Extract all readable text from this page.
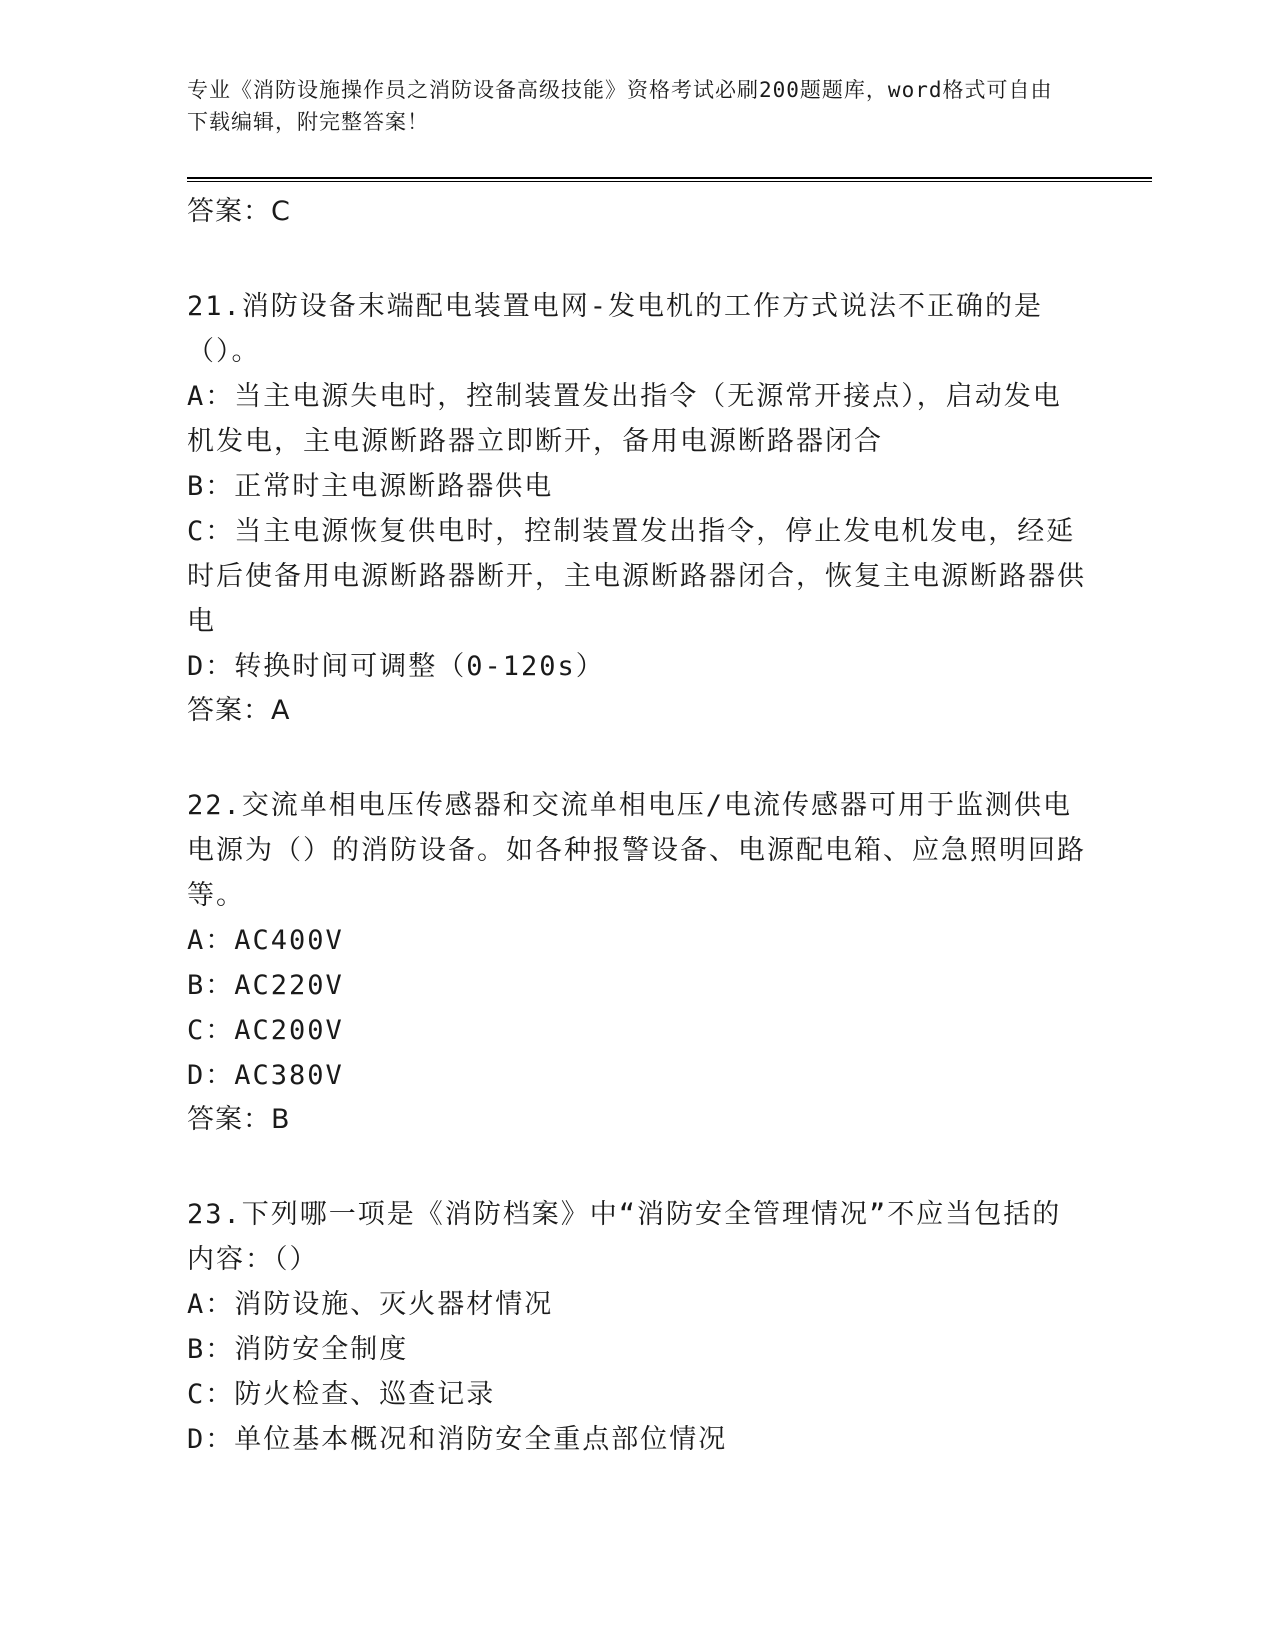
专业《消防设施操作员之消防设备高级技能》资格考试必刷200题题库，word格式可自由下载编辑，附完整答案！

答案：C

21.消防设备末端配电装置电网-发电机的工作方式说法不正确的是（）。

A：当主电源失电时，控制装置发出指令（无源常开接点），启动发电机发电，主电源断路器立即断开，备用电源断路器闭合

B：正常时主电源断路器供电

C：当主电源恢复供电时，控制装置发出指令，停止发电机发电，经延时后使备用电源断路器断开，主电源断路器闭合，恢复主电源断路器供电

D：转换时间可调整（0-120s）

答案：A

22.交流单相电压传感器和交流单相电压/电流传感器可用于监测供电电源为（）的消防设备。如各种报警设备、电源配电箱、应急照明回路等。

A：AC400V

B：AC220V

C：AC200V

D：AC380V

答案：B

23.下列哪一项是《消防档案》中“消防安全管理情况”不应当包括的内容：（）

A：消防设施、灭火器材情况

B：消防安全制度

C：防火检查、巡查记录

D：单位基本概况和消防安全重点部位情况
